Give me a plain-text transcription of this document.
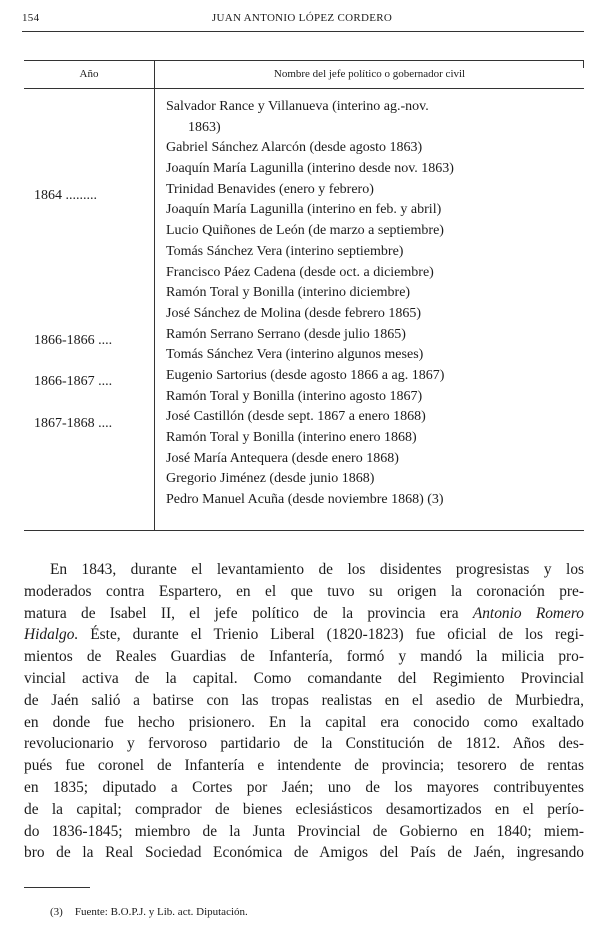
154	JUAN ANTONIO LÓPEZ CORDERO
Año	Nombre del jefe político o gobernador civil
1864 .........
1866-1866 ....
1866-1867 ....
1867-1868 ....
Salvador Rance y Villanueva (interino ag.-nov.
1863)
Gabriel Sánchez Alarcón (desde agosto 1863)
Joaquín María Lagunilla (interino desde nov. 1863)
Trinidad Benavides (enero y febrero)
Joaquín María Lagunilla (interino en feb. y abril)
Lucio Quiñones de León (de marzo a septiembre)
Tomás Sánchez Vera (interino septiembre)
Francisco Páez Cadena (desde oct. a diciembre)
Ramón Toral y Bonilla (interino diciembre)
José Sánchez de Molina (desde febrero 1865)
Ramón Serrano Serrano (desde julio 1865)
Tomás Sánchez Vera (interino algunos meses)
Eugenio Sartorius (desde agosto 1866 a ag. 1867)
Ramón Toral y Bonilla (interino agosto 1867)
José Castillón (desde sept. 1867 a enero 1868)
Ramón Toral y Bonilla (interino enero 1868)
José María Antequera (desde enero 1868)
Gregorio Jiménez (desde junio 1868)
Pedro Manuel Acuña (desde noviembre 1868) (3)
En 1843, durante el levantamiento de los disidentes progresistas y los
moderados contra Espartero, en el que tuvo su origen la coronación pre-
matura de Isabel II, el jefe político de la provincia era Antonio Romero
Hidalgo. Éste, durante el Trienio Liberal (1820-1823) fue oficial de los regi-
mientos de Reales Guardias de Infantería, formó y mandó la milicia pro-
vincial activa de la capital. Como comandante del Regimiento Provincial
de Jaén salió a batirse con las tropas realistas en el asedio de Murbiedra,
en donde fue hecho prisionero. En la capital era conocido como exaltado
revolucionario y fervoroso partidario de la Constitución de 1812. Años des-
pués fue coronel de Infantería e intendente de provincia; tesorero de rentas
en 1835; diputado a Cortes por Jaén; uno de los mayores contribuyentes
de la capital; comprador de bienes eclesiásticos desamortizados en el perío-
do 1836-1845; miembro de la Junta Provincial de Gobierno en 1840; miem-
bro de la Real Sociedad Económica de Amigos del País de Jaén, ingresando
(3) Fuente: B.O.P.J. y Lib. act. Diputación.
